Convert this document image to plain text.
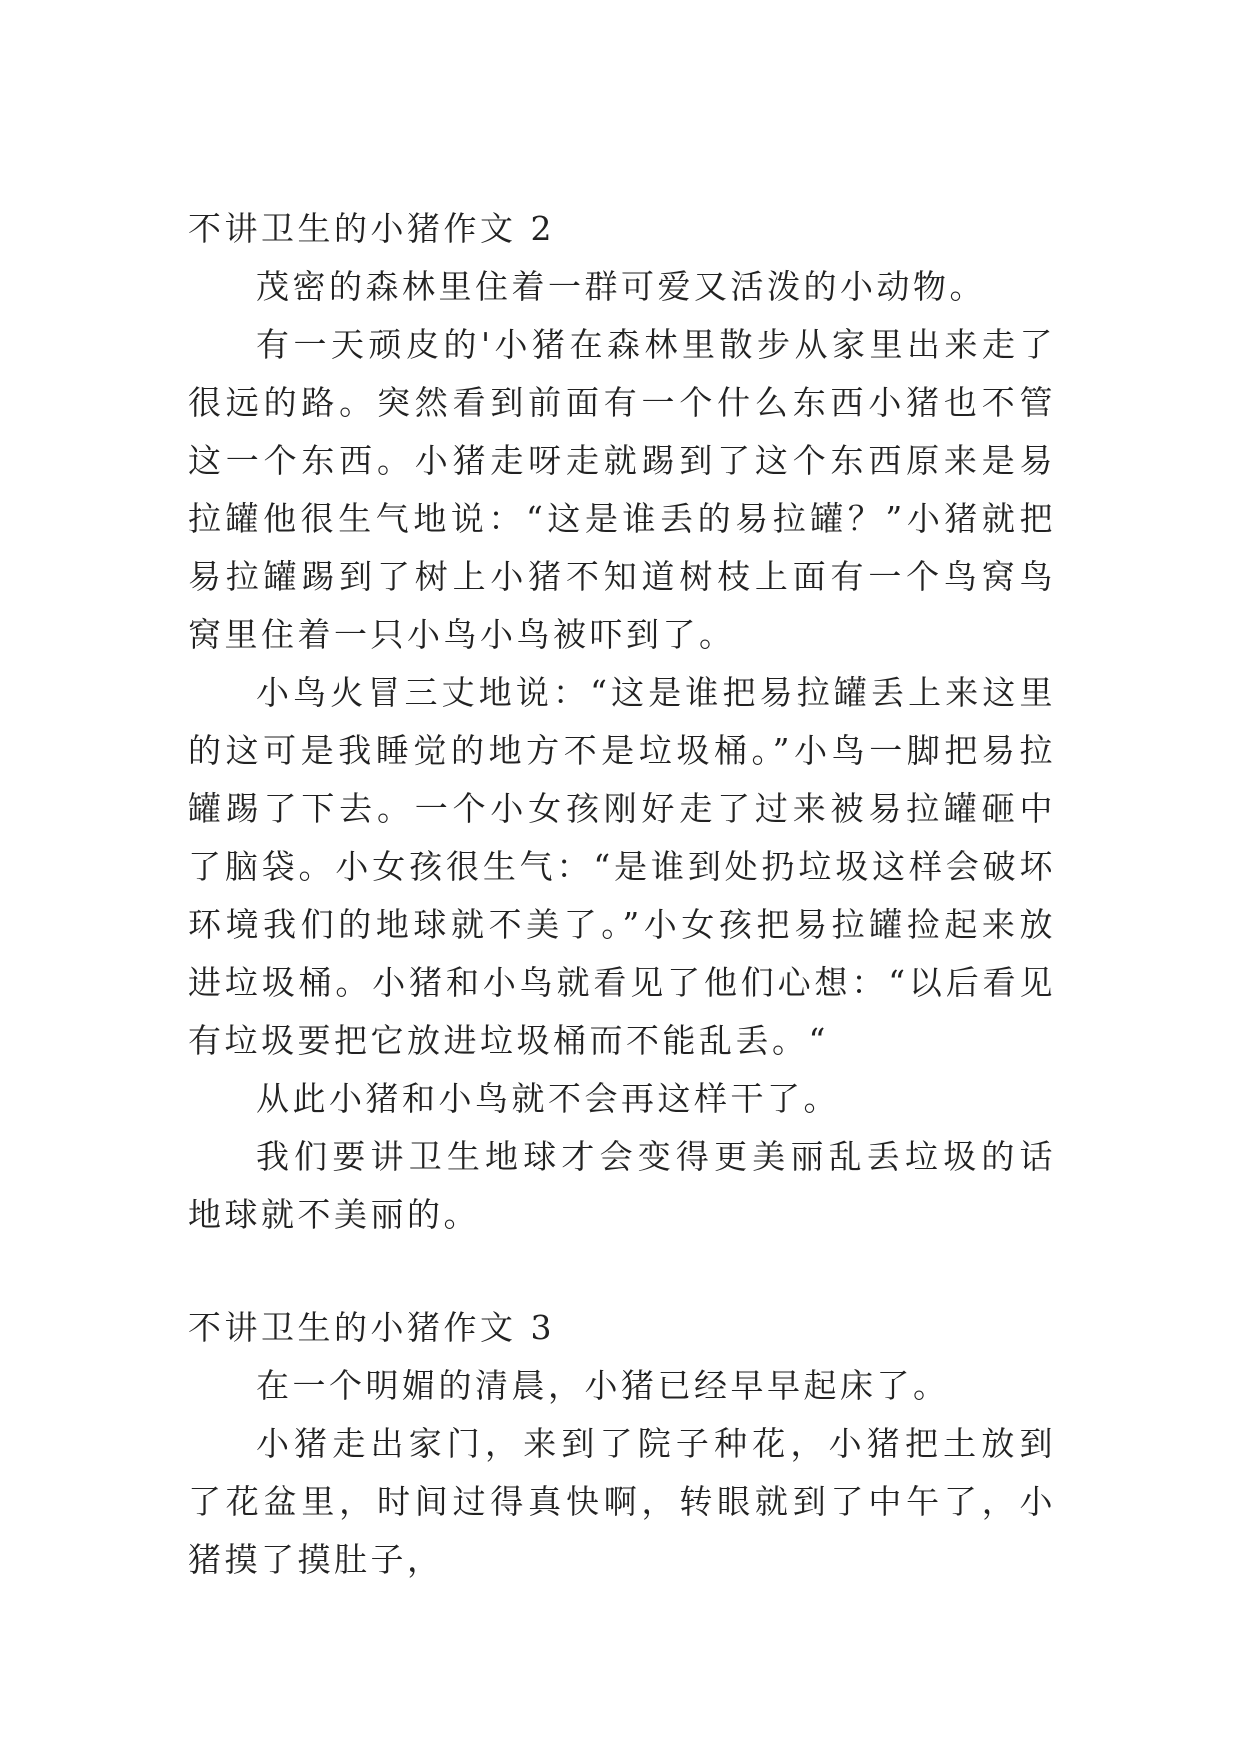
不讲卫生的小猪作文 2

茂密的森林里住着一群可爱又活泼的小动物。

有一天顽皮的'小猪在森林里散步从家里出来走了很远的路。突然看到前面有一个什么东西小猪也不管这一个东西。小猪走呀走就踢到了这个东西原来是易拉罐他很生气地说：“这是谁丢的易拉罐？”小猪就把易拉罐踢到了树上小猪不知道树枝上面有一个鸟窝鸟窝里住着一只小鸟小鸟被吓到了。

小鸟火冒三丈地说：“这是谁把易拉罐丢上来这里的这可是我睡觉的地方不是垃圾桶。”小鸟一脚把易拉罐踢了下去。一个小女孩刚好走了过来被易拉罐砸中了脑袋。小女孩很生气：“是谁到处扔垃圾这样会破坏环境我们的地球就不美了。”小女孩把易拉罐捡起来放进垃圾桶。小猪和小鸟就看见了他们心想：“以后看见有垃圾要把它放进垃圾桶而不能乱丢。“

从此小猪和小鸟就不会再这样干了。

我们要讲卫生地球才会变得更美丽乱丢垃圾的话地球就不美丽的。

不讲卫生的小猪作文 3

在一个明媚的清晨，小猪已经早早起床了。

小猪走出家门，来到了院子种花，小猪把土放到了花盆里，时间过得真快啊，转眼就到了中午了，小猪摸了摸肚子，
